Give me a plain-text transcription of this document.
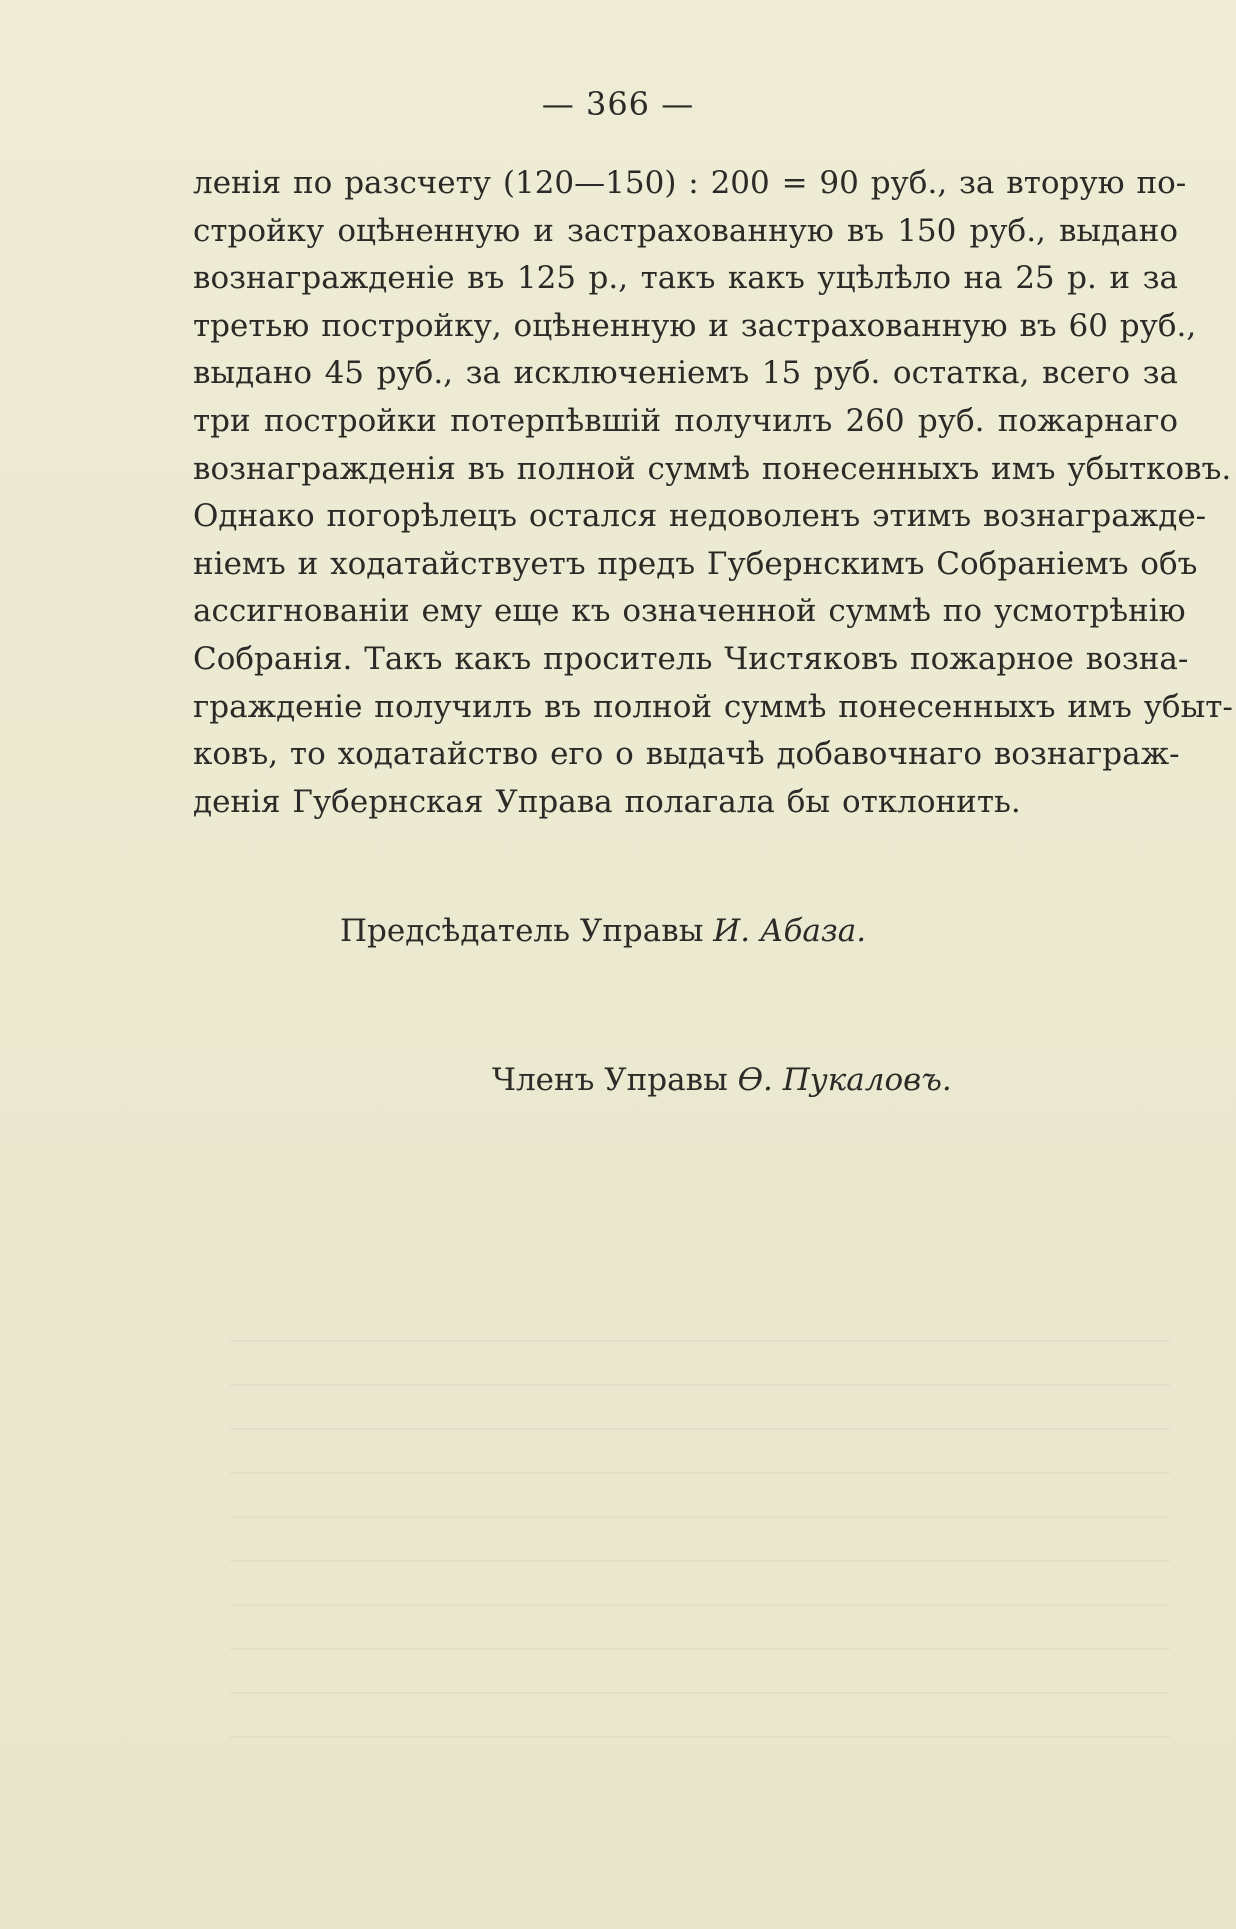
— 366 —
ленія по разсчету (120—150) : 200 = 90 руб., за вторую по-
стройку оцѣненную и застрахованную въ 150 руб., выдано
вознагражденіе въ 125 р., такъ какъ уцѣлѣло на 25 р. и за
третью постройку, оцѣненную и застрахованную въ 60 руб.,
выдано 45 руб., за исключеніемъ 15 руб. остатка, всего за
три постройки потерпѣвшій получилъ 260 руб. пожарнаго
вознагражденія въ полной суммѣ понесенныхъ имъ убытковъ.
Однако погорѣлецъ остался недоволенъ этимъ вознагражде-
ніемъ и ходатайствуетъ предъ Губернскимъ Собраніемъ объ
ассигнованіи ему еще къ означенной суммѣ по усмотрѣнію
Собранія. Такъ какъ проситель Чистяковъ пожарное возна-
гражденіе получилъ въ полной суммѣ понесенныхъ имъ убыт-
ковъ, то ходатайство его о выдачѣ добавочнаго вознаграж-
денія Губернская Управа полагала бы отклонить.
Предсѣдатель Управы И. Абаза.
Членъ Управы Ѳ. Пукаловъ.
